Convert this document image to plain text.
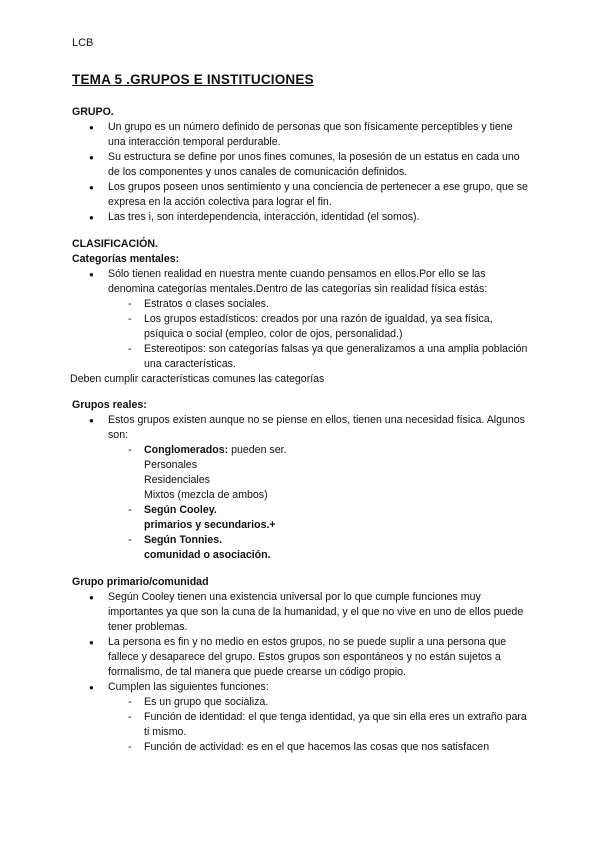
LCB
TEMA 5 .GRUPOS E INSTITUCIONES
GRUPO.
● Un grupo es un número definido de personas que son físicamente perceptibles y tiene una interacción temporal perdurable.
● Su estructura se define por unos fines comunes, la posesión de un estatus en cada uno de los componentes y unos canales de comunicación definidos.
● Los grupos poseen unos sentimiento y una conciencia de pertenecer a ese grupo, que se expresa en la acción colectiva para lograr el fin.
● Las tres i, son interdependencia, interacción, identidad (el somos).
CLASIFICACIÓN.
Categorías mentales:
● Sólo tienen realidad en nuestra mente cuando pensamos en ellos.Por ello se las denomina categorías mentales.Dentro de las categorías sin realidad física estás:
- Estratos o clases sociales.
- Los grupos estadísticos: creados por una razón de igualdad, ya sea física, psíquica o social (empleo, color de ojos, personalidad.)
- Estereotipos: son categorías falsas ya que generalizamos a una amplia población una características.
Deben cumplir características comunes las categorías
Grupos reales:
● Estos grupos existen aunque no se piense en ellos, tienen una necesidad física. Algunos son:
- Conglomerados: pueden ser.
Personales
Residenciales
Mixtos (mezcla de ambos)
- Según Cooley.
primarios y secundarios.+
- Según Tonnies.
comunidad o asociación.
Grupo primario/comunidad
● Según Cooley tienen una existencia universal por lo que cumple funciones muy importantes ya que son la cuna de la humanidad, y el que no vive en uno de ellos puede tener problemas.
● La persona es fin y no medio en estos grupos, no se puede suplir a una persona que fallece y desaparece del grupo. Estos grupos son espontáneos y no están sujetos a formalismo, de tal manera que puede crearse un código propio.
● Cumplen las siguientes funciones:
- Es un grupo que socializa.
- Función de identidad: el que tenga identidad, ya que sin ella eres un extraño para ti mismo.
- Función de actividad: es en el que hacemos las cosas que nos satisfacen
